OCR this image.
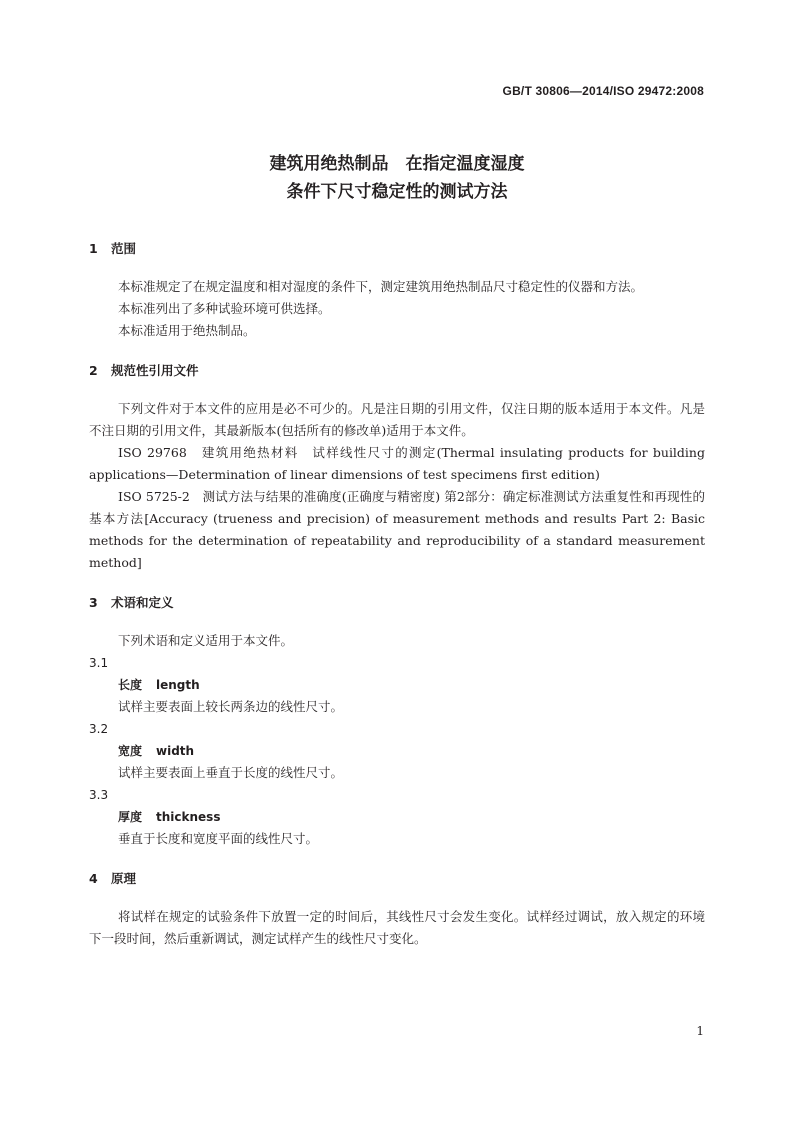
GB/T 30806—2014/ISO 29472:2008
建筑用绝热制品　在指定温度湿度
条件下尺寸稳定性的测试方法

1 范围

本标准规定了在规定温度和相对湿度的条件下，测定建筑用绝热制品尺寸稳定性的仪器和方法。

本标准列出了多种试验环境可供选择。

本标准适用于绝热制品。

2 规范性引用文件

下列文件对于本文件的应用是必不可少的。凡是注日期的引用文件，仅注日期的版本适用于本文件。凡是不注日期的引用文件，其最新版本(包括所有的修改单)适用于本文件。

ISO 29768　建筑用绝热材料　试样线性尺寸的测定(Thermal insulating products for building applications—Determination of linear dimensions of test specimens first edition)

ISO 5725-2　测试方法与结果的准确度(正确度与精密度) 第2部分：确定标准测试方法重复性和再现性的基本方法[Accuracy (trueness and precision) of measurement methods and results Part 2: Basic methods for the determination of repeatability and reproducibility of a standard measurement method]

3 术语和定义

下列术语和定义适用于本文件。

3.1

长度 length

试样主要表面上较长两条边的线性尺寸。

3.2

宽度 width

试样主要表面上垂直于长度的线性尺寸。

3.3

厚度 thickness

垂直于长度和宽度平面的线性尺寸。

4 原理

将试样在规定的试验条件下放置一定的时间后，其线性尺寸会发生变化。试样经过调试，放入规定的环境下一段时间，然后重新调试，测定试样产生的线性尺寸变化。

1
